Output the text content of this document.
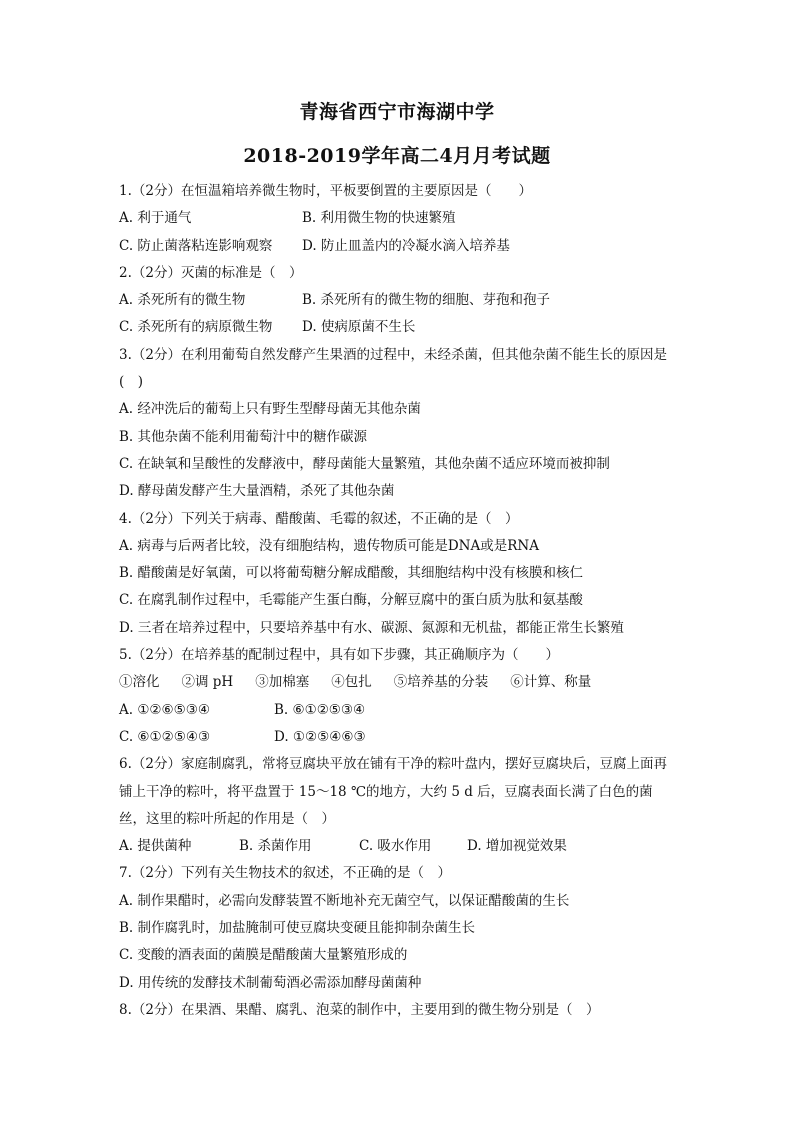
青海省西宁市海湖中学
2018-2019学年高二4月月考试题
1.（2分）在恒温箱培养微生物时，平板要倒置的主要原因是（　　）
A. 利于通气	B. 利用微生物的快速繁殖
C. 防止菌落粘连影响观察 D. 防止皿盖内的冷凝水滴入培养基
2.（2分）灭菌的标准是（　）
A. 杀死所有的微生物	B. 杀死所有的微生物的细胞、芽孢和孢子
C. 杀死所有的病原微生物 D. 使病原菌不生长
3.（2分）在利用葡萄自然发酵产生果酒的过程中，未经杀菌，但其他杂菌不能生长的原因是(　)
A. 经冲洗后的葡萄上只有野生型酵母菌无其他杂菌
B. 其他杂菌不能利用葡萄汁中的糖作碳源
C. 在缺氧和呈酸性的发酵液中，酵母菌能大量繁殖，其他杂菌不适应环境而被抑制
D. 酵母菌发酵产生大量酒精，杀死了其他杂菌
4.（2分）下列关于病毒、醋酸菌、毛霉的叙述，不正确的是（　）
A. 病毒与后两者比较，没有细胞结构，遗传物质可能是DNA或是RNA
B. 醋酸菌是好氧菌，可以将葡萄糖分解成醋酸，其细胞结构中没有核膜和核仁
C. 在腐乳制作过程中，毛霉能产生蛋白酶，分解豆腐中的蛋白质为肽和氨基酸
D. 三者在培养过程中，只要培养基中有水、碳源、氮源和无机盐，都能正常生长繁殖
5.（2分）在培养基的配制过程中，具有如下步骤，其正确顺序为（　　）
①溶化 ②调 pH ③加棉塞 ④包扎 ⑤培养基的分装 ⑥计算、称量
A. ①②⑥⑤③④	B. ⑥①②⑤③④
C. ⑥①②⑤④③	D. ①②⑤④⑥③
6.（2分）家庭制腐乳，常将豆腐块平放在铺有干净的粽叶盘内，摆好豆腐块后，豆腐上面再铺上干净的粽叶，将平盘置于 15～18 ℃的地方，大约 5 d 后，豆腐表面长满了白色的菌丝，这里的粽叶所起的作用是（　）
A. 提供菌种	B. 杀菌作用	C. 吸水作用	D. 增加视觉效果
7.（2分）下列有关生物技术的叙述，不正确的是（　）
A. 制作果醋时，必需向发酵装置不断地补充无菌空气，以保证醋酸菌的生长
B. 制作腐乳时，加盐腌制可使豆腐块变硬且能抑制杂菌生长
C. 变酸的酒表面的菌膜是醋酸菌大量繁殖形成的
D. 用传统的发酵技术制葡萄酒必需添加酵母菌菌种
8.（2分）在果酒、果醋、腐乳、泡菜的制作中，主要用到的微生物分别是（　）
